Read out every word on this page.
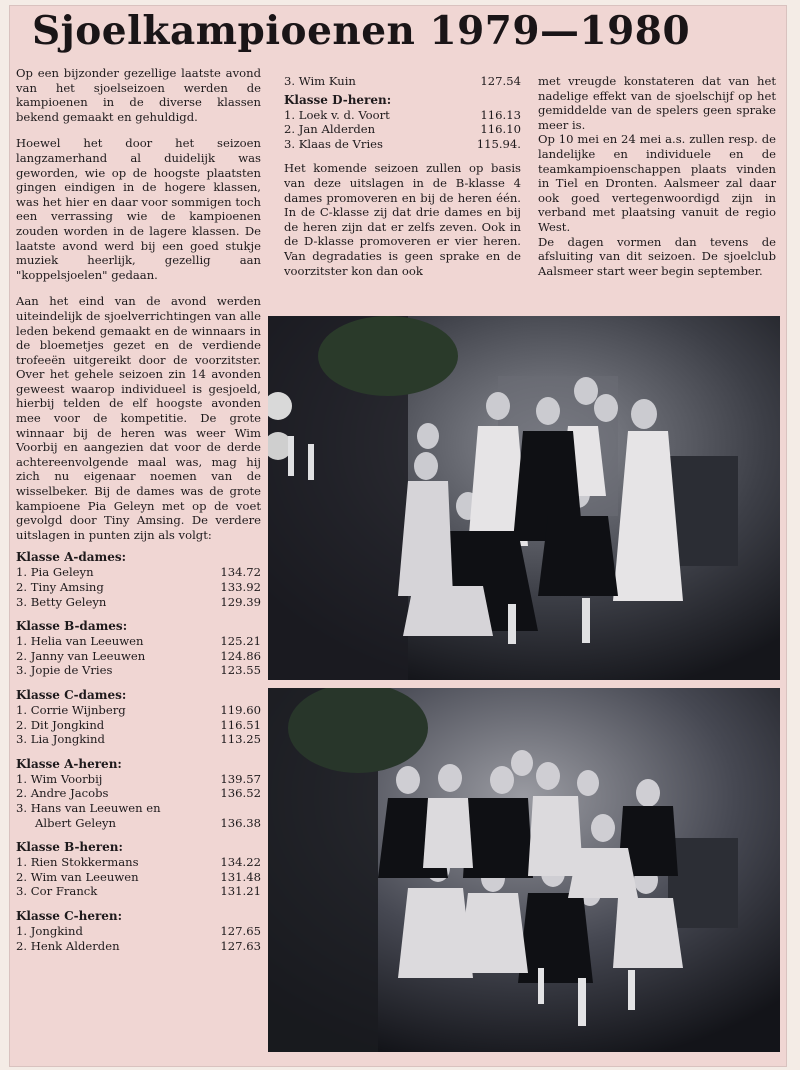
Sjoelkampioenen 1979—1980

Op een bijzonder gezellige laatste avond van het sjoelseizoen werden de kampioenen in de diverse klassen bekend gemaakt en gehuldigd.

Hoewel het door het seizoen langzamerhand al duidelijk was geworden, wie op de hoogste plaatsten gingen eindigen in de hogere klassen, was het hier en daar voor sommigen toch een verrassing wie de kampioenen zouden worden in de lagere klassen. De laatste avond werd bij een goed stukje muziek heerlijk, gezellig aan "koppelsjoelen" gedaan.

Aan het eind van de avond werden uiteindelijk de sjoelverrichtingen van alle leden bekend gemaakt en de winnaars in de bloemetjes gezet en de verdiende trofeeën uitgereikt door de voorzitster. Over het gehele seizoen zin 14 avonden geweest waarop individueel is gesjoeld, hierbij telden de elf hoogste avonden mee voor de kompetitie. De grote winnaar bij de heren was weer Wim Voorbij en aangezien dat voor de derde achtereenvolgende maal was, mag hij zich nu eigenaar noemen van de wisselbeker. Bij de dames was de grote kampioene Pia Geleyn met op de voet gevolgd door Tiny Amsing. De verdere uitslagen in punten zijn als volgt:

Klasse A-dames:
1. Pia Geleyn	134.72
2. Tiny Amsing	133.92
3. Betty Geleyn	129.39
Klasse B-dames:
1. Helia van Leeuwen	125.21
2. Janny van Leeuwen	124.86
3. Jopie de Vries	123.55
Klasse C-dames:
1. Corrie Wijnberg	119.60
2. Dit Jongkind	116.51
3. Lia Jongkind	113.25
Klasse A-heren:
1. Wim Voorbij	139.57
2. Andre Jacobs	136.52
3. Hans van Leeuwen en
Albert Geleyn	136.38
Klasse B-heren:
1. Rien Stokkermans	134.22
2. Wim van Leeuwen	131.48
3. Cor Franck	131.21
Klasse C-heren:
1. Jongkind	127.65
2. Henk Alderden	127.63
3. Wim Kuin	127.54
Klasse D-heren:
1. Loek v. d. Voort	116.13
2. Jan Alderden	116.10
3. Klaas de Vries	115.94.

Het komende seizoen zullen op basis van deze uitslagen in de B-klasse 4 dames promoveren en bij de heren één. In de C-klasse zij dat drie dames en bij de heren zijn dat er zelfs zeven. Ook in de D-klasse promoveren er vier heren. Van degradaties is geen sprake en de voorzitster kon dan ook

met vreugde konstateren dat van het nadelige effekt van de sjoelschijf op het gemiddelde van de spelers geen sprake meer is.

Op 10 mei en 24 mei a.s. zullen resp. de landelijke en individuele en de teamkampioenschappen plaats vinden in Tiel en Dronten. Aalsmeer zal daar ook goed vertegenwoordigd zijn in verband met plaatsing vanuit de regio West.

De dagen vormen dan tevens de afsluiting van dit seizoen. De sjoelclub Aalsmeer start weer begin september.
